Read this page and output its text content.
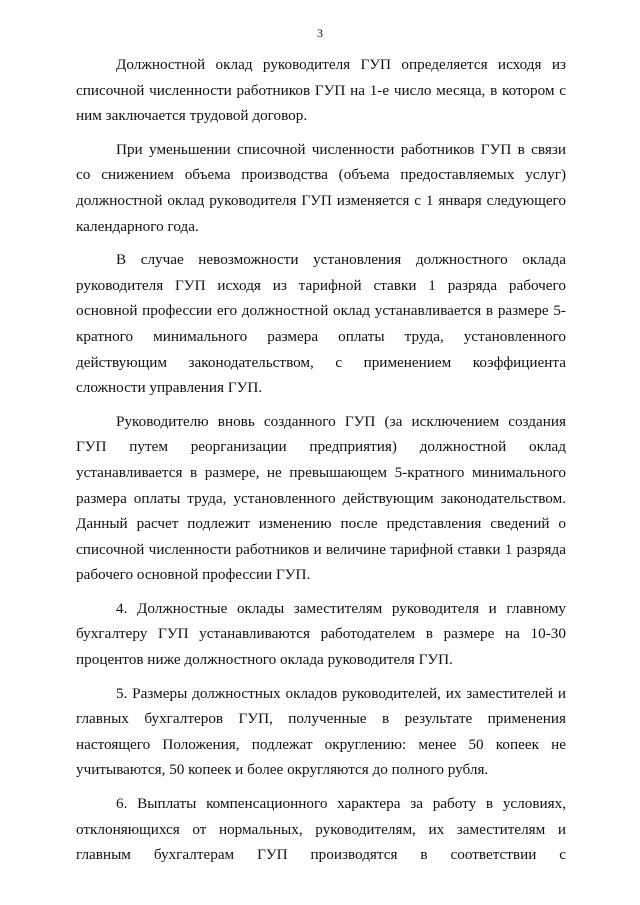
3

Должностной оклад руководителя ГУП определяется исходя из списочной численности работников ГУП на 1-е число месяца, в котором с ним заключается трудовой договор.

При уменьшении списочной численности работников ГУП в связи со снижением объема производства (объема предоставляемых услуг) должностной оклад руководителя ГУП изменяется с 1 января следующего календарного года.

В случае невозможности установления должностного оклада руководителя ГУП исходя из тарифной ставки 1 разряда рабочего основной профессии его должностной оклад устанавливается в размере 5-кратного минимального размера оплаты труда, установленного действующим законодательством, с применением коэффициента сложности управления ГУП.

Руководителю вновь созданного ГУП (за исключением создания ГУП путем реорганизации предприятия) должностной оклад устанавливается в размере, не превышающем 5-кратного минимального размера оплаты труда, установленного действующим законодательством. Данный расчет подлежит изменению после представления сведений о списочной численности работников и величине тарифной ставки 1 разряда рабочего основной профессии ГУП.

4. Должностные оклады заместителям руководителя и главному бухгалтеру ГУП устанавливаются работодателем в размере на 10-30 процентов ниже должностного оклада руководителя ГУП.

5. Размеры должностных окладов руководителей, их заместителей и главных бухгалтеров ГУП, полученные в результате применения настоящего Положения, подлежат округлению: менее 50 копеек не учитываются, 50 копеек и более округляются до полного рубля.

6. Выплаты компенсационного характера за работу в условиях, отклоняющихся от нормальных, руководителям, их заместителям и главным бухгалтерам ГУП производятся в соответствии с
